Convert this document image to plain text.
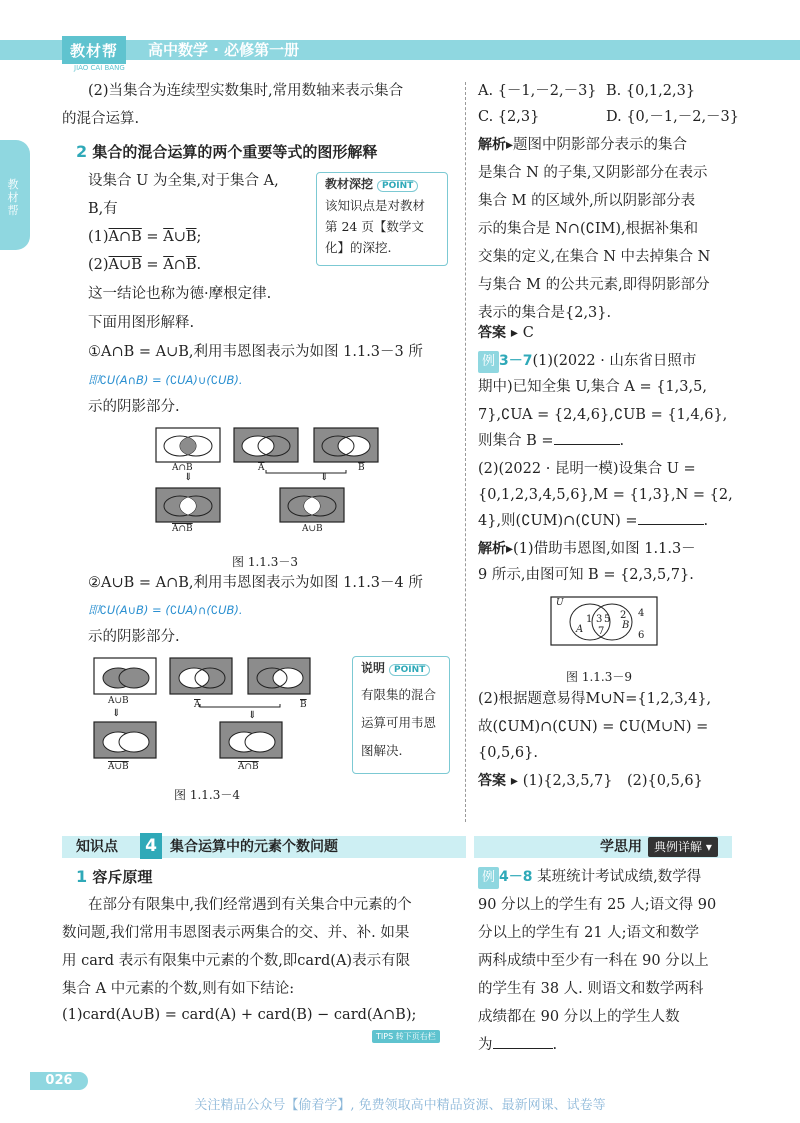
教材帮
JIAO CAI BANG
高中数学 · 必修第一册
教材帮
(2)当集合为连续型实数集时,常用数轴来表示集合
的混合运算.
2 集合的混合运算的两个重要等式的图形解释
设集合 U 为全集,对于集合 A,
B,有
(1)A∩B = $\overline{A}\cup\overline{B}$;
(2)A∪B = $\overline{A}\cap\overline{B}$.
这一结论也称为德·摩根定律.
下面用图形解释.
①A∩B = A∪B,利用韦恩图表示为如图 1.1.3－3 所
即∁U(A∩B) = (∁UA)∪(∁UB).
示的阴影部分.
教材深挖 POINT
该知识点是对教材
第 24 页【数学文
化】的深挖.
⇓	⇓
A∩B	$\overline{A}$	$\overline{B}$
A∩B	A∪B
图 1.1.3－3
②A∪B = A∩B,利用韦恩图表示为如图 1.1.3－4 所
即∁U(A∪B) = (∁UA)∩(∁UB).
示的阴影部分.
⇓	⇓
A∪B	$\overline{A}$	$\overline{B}$
A∪B	A∩B
图 1.1.3－4
说明 POINT
有限集的混合
运算可用韦恩
图解决.
A. {－1,－2,－3} B. {0,1,2,3}
C. {2,3}	D. {0,－1,－2,－3}
解析▸题图中阴影部分表示的集合
是集合 N 的子集,又阴影部分在表示
集合 M 的区域外,所以阴影部分表
示的集合是 N∩(∁IM),根据补集和
交集的定义,在集合 N 中去掉集合 N
与集合 M 的公共元素,即得阴影部分
表示的集合是{2,3}.
答案 ▸ C
例 3－7(1)(2022 · 山东省日照市
期中)已知全集 U,集合 A = {1,3,5,
7},∁UA = {2,4,6},∁UB = {1,4,6},
则集合 B =	.
(2)(2022 · 昆明一模)设集合 U =
{0,1,2,3,4,5,6},M = {1,3},N = {2,
4},则(∁UM)∩(∁UN) =	.
解析▸(1)借助韦恩图,如图 1.1.3－
9 所示,由图可知 B = {2,3,5,7}.
U
A
1 3 5
7
2
B
4
6
图 1.1.3－9
(2)根据题意易得M∪N={1,2,3,4},
故(∁UM)∩(∁UN) = ∁U(M∪N) =
{0,5,6}.
答案 ▸ (1){2,3,5,7}　(2){0,5,6}
知识点 4 集合运算中的元素个数问题	学思用	典例详解 ▾
1 容斥原理
在部分有限集中,我们经常遇到有关集合中元素的个
数问题,我们常用韦恩图表示两集合的交、并、补. 如果
用 card 表示有限集中元素的个数,即card(A)表示有限
集合 A 中元素的个数,则有如下结论:
(1)card(A∪B) = card(A) + card(B) − card(A∩B);
TIPS 转下页右栏
例 4－8 某班统计考试成绩,数学得
90 分以上的学生有 25 人;语文得 90
分以上的学生有 21 人;语文和数学
两科成绩中至少有一科在 90 分以上
的学生有 38 人. 则语文和数学两科
成绩都在 90 分以上的学生人数
为	.
026
关注精品公众号【偷着学】, 免费领取高中精品资源、最新网课、试卷等
